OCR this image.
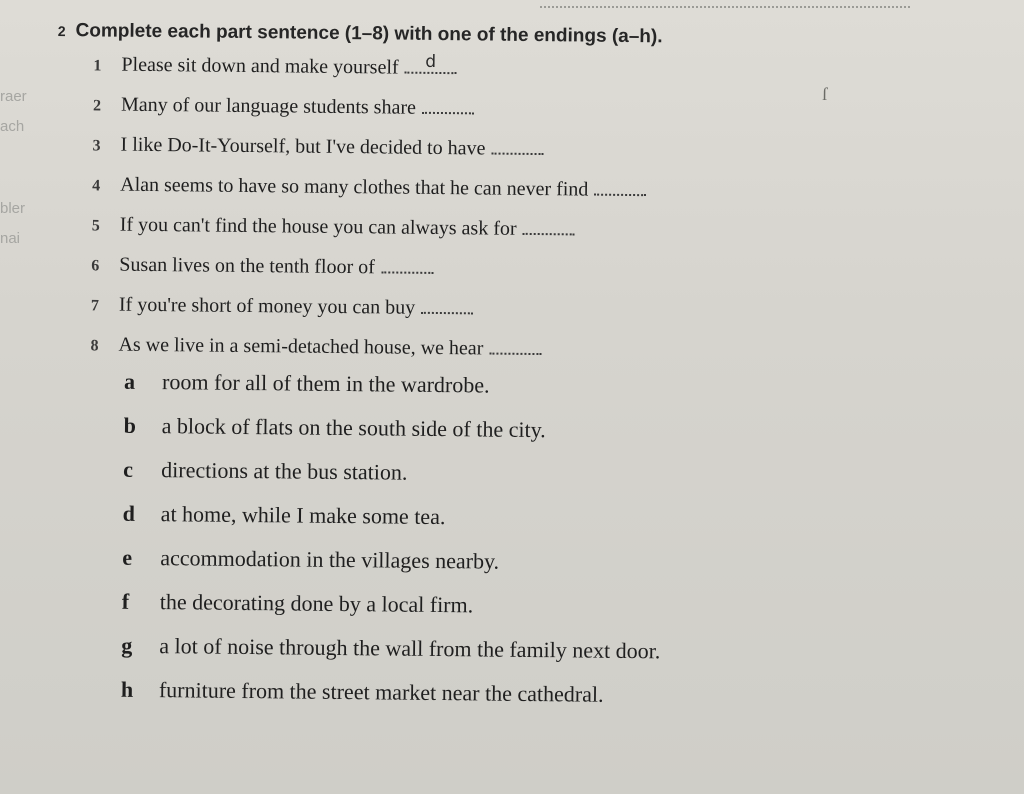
raer
ach
bler
nai
2 Complete each part sentence (1–8) with one of the endings (a–h).
ſ
1 Please sit down and make yourself	d
2 Many of our language students share
3 I like Do-It-Yourself, but I've decided to have
4 Alan seems to have so many clothes that he can never find
5 If you can't find the house you can always ask for
6 Susan lives on the tenth floor of
7 If you're short of money you can buy
8 As we live in a semi-detached house, we hear
a room for all of them in the wardrobe.
b a block of flats on the south side of the city.
c directions at the bus station.
d at home, while I make some tea.
e accommodation in the villages nearby.
f the decorating done by a local firm.
g a lot of noise through the wall from the family next door.
h furniture from the street market near the cathedral.
